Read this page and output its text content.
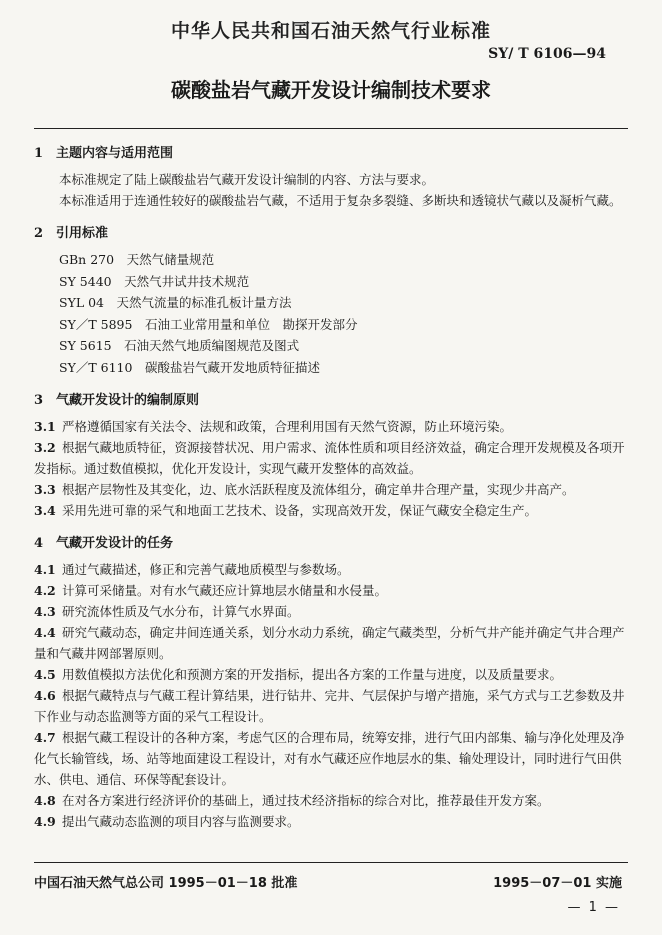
中华人民共和国石油天然气行业标准
SY/ T 6106—94
碳酸盐岩气藏开发设计编制技术要求
1 主题内容与适用范围

本标准规定了陆上碳酸盐岩气藏开发设计编制的内容、方法与要求。

本标准适用于连通性较好的碳酸盐岩气藏，不适用于复杂多裂缝、多断块和透镜状气藏以及凝析气藏。

2 引用标准
GBn 270　 天然气储量规范
SY 5440　 天然气井试井技术规范
SYL 04　 天然气流量的标准孔板计量方法
SY／T 5895　 石油工业常用量和单位　勘探开发部分
SY 5615　 石油天然气地质编图规范及图式
SY／T 6110　 碳酸盐岩气藏开发地质特征描述
3 气藏开发设计的编制原则

3.1 严格遵循国家有关法令、法规和政策，合理利用国有天然气资源，防止环境污染。

3.2 根据气藏地质特征，资源接替状况、用户需求、流体性质和项目经济效益，确定合理开发规模及各项开发指标。通过数值模拟，优化开发设计，实现气藏开发整体的高效益。

3.3 根据产层物性及其变化，边、底水活跃程度及流体组分，确定单井合理产量，实现少井高产。

3.4 采用先进可靠的采气和地面工艺技术、设备，实现高效开发，保证气藏安全稳定生产。

4 气藏开发设计的任务

4.1 通过气藏描述，修正和完善气藏地质模型与参数场。

4.2 计算可采储量。对有水气藏还应计算地层水储量和水侵量。

4.3 研究流体性质及气水分布，计算气水界面。

4.4 研究气藏动态，确定井间连通关系，划分水动力系统，确定气藏类型，分析气井产能并确定气井合理产量和气藏井网部署原则。

4.5 用数值模拟方法优化和预测方案的开发指标，提出各方案的工作量与进度，以及质量要求。

4.6 根据气藏特点与气藏工程计算结果，进行钻井、完井、气层保护与增产措施，采气方式与工艺参数及井下作业与动态监测等方面的采气工程设计。

4.7 根据气藏工程设计的各种方案，考虑气区的合理布局，统筹安排，进行气田内部集、输与净化处理及净化气长输管线，场、站等地面建设工程设计，对有水气藏还应作地层水的集、输处理设计，同时进行气田供水、供电、通信、环保等配套设计。

4.8 在对各方案进行经济评价的基础上，通过技术经济指标的综合对比，推荐最佳开发方案。

4.9 提出气藏动态监测的项目内容与监测要求。

中国石油天然气总公司 1995－01－18 批准	1995－07－01 实施
— 1 —
